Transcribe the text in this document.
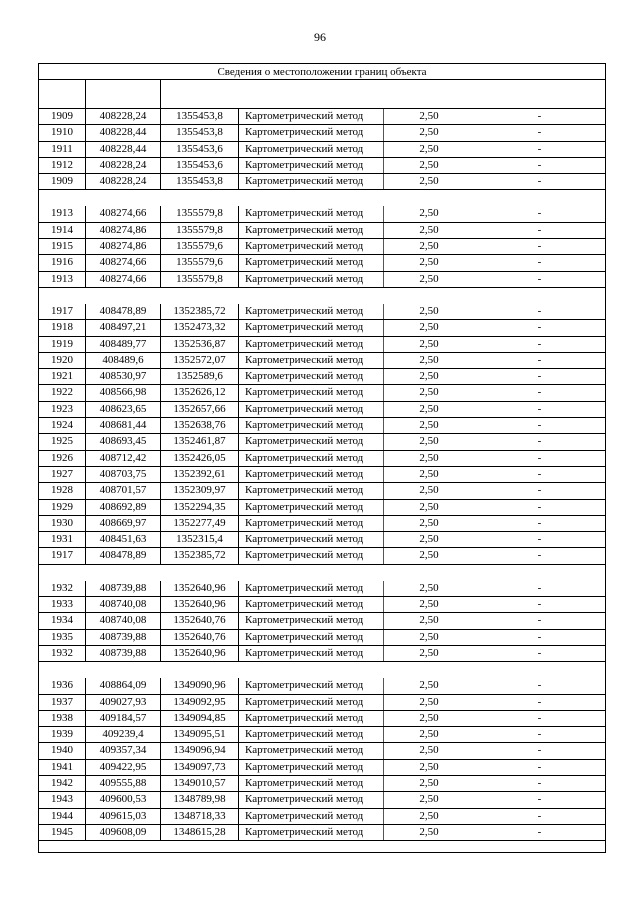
96
Сведения о местоположении границ объекта
1909	408228,24	1355453,8	Картометрический метод	2,50	-
1910	408228,44	1355453,8	Картометрический метод	2,50	-
1911	408228,44	1355453,6	Картометрический метод	2,50	-
1912	408228,24	1355453,6	Картометрический метод	2,50	-
1909	408228,24	1355453,8	Картометрический метод	2,50	-
1913	408274,66	1355579,8	Картометрический метод	2,50	-
1914	408274,86	1355579,8	Картометрический метод	2,50	-
1915	408274,86	1355579,6	Картометрический метод	2,50	-
1916	408274,66	1355579,6	Картометрический метод	2,50	-
1913	408274,66	1355579,8	Картометрический метод	2,50	-
1917	408478,89	1352385,72	Картометрический метод	2,50	-
1918	408497,21	1352473,32	Картометрический метод	2,50	-
1919	408489,77	1352536,87	Картометрический метод	2,50	-
1920	408489,6	1352572,07	Картометрический метод	2,50	-
1921	408530,97	1352589,6	Картометрический метод	2,50	-
1922	408566,98	1352626,12	Картометрический метод	2,50	-
1923	408623,65	1352657,66	Картометрический метод	2,50	-
1924	408681,44	1352638,76	Картометрический метод	2,50	-
1925	408693,45	1352461,87	Картометрический метод	2,50	-
1926	408712,42	1352426,05	Картометрический метод	2,50	-
1927	408703,75	1352392,61	Картометрический метод	2,50	-
1928	408701,57	1352309,97	Картометрический метод	2,50	-
1929	408692,89	1352294,35	Картометрический метод	2,50	-
1930	408669,97	1352277,49	Картометрический метод	2,50	-
1931	408451,63	1352315,4	Картометрический метод	2,50	-
1917	408478,89	1352385,72	Картометрический метод	2,50	-
1932	408739,88	1352640,96	Картометрический метод	2,50	-
1933	408740,08	1352640,96	Картометрический метод	2,50	-
1934	408740,08	1352640,76	Картометрический метод	2,50	-
1935	408739,88	1352640,76	Картометрический метод	2,50	-
1932	408739,88	1352640,96	Картометрический метод	2,50	-
1936	408864,09	1349090,96	Картометрический метод	2,50	-
1937	409027,93	1349092,95	Картометрический метод	2,50	-
1938	409184,57	1349094,85	Картометрический метод	2,50	-
1939	409239,4	1349095,51	Картометрический метод	2,50	-
1940	409357,34	1349096,94	Картометрический метод	2,50	-
1941	409422,95	1349097,73	Картометрический метод	2,50	-
1942	409555,88	1349010,57	Картометрический метод	2,50	-
1943	409600,53	1348789,98	Картометрический метод	2,50	-
1944	409615,03	1348718,33	Картометрический метод	2,50	-
1945	409608,09	1348615,28	Картометрический метод	2,50	-
